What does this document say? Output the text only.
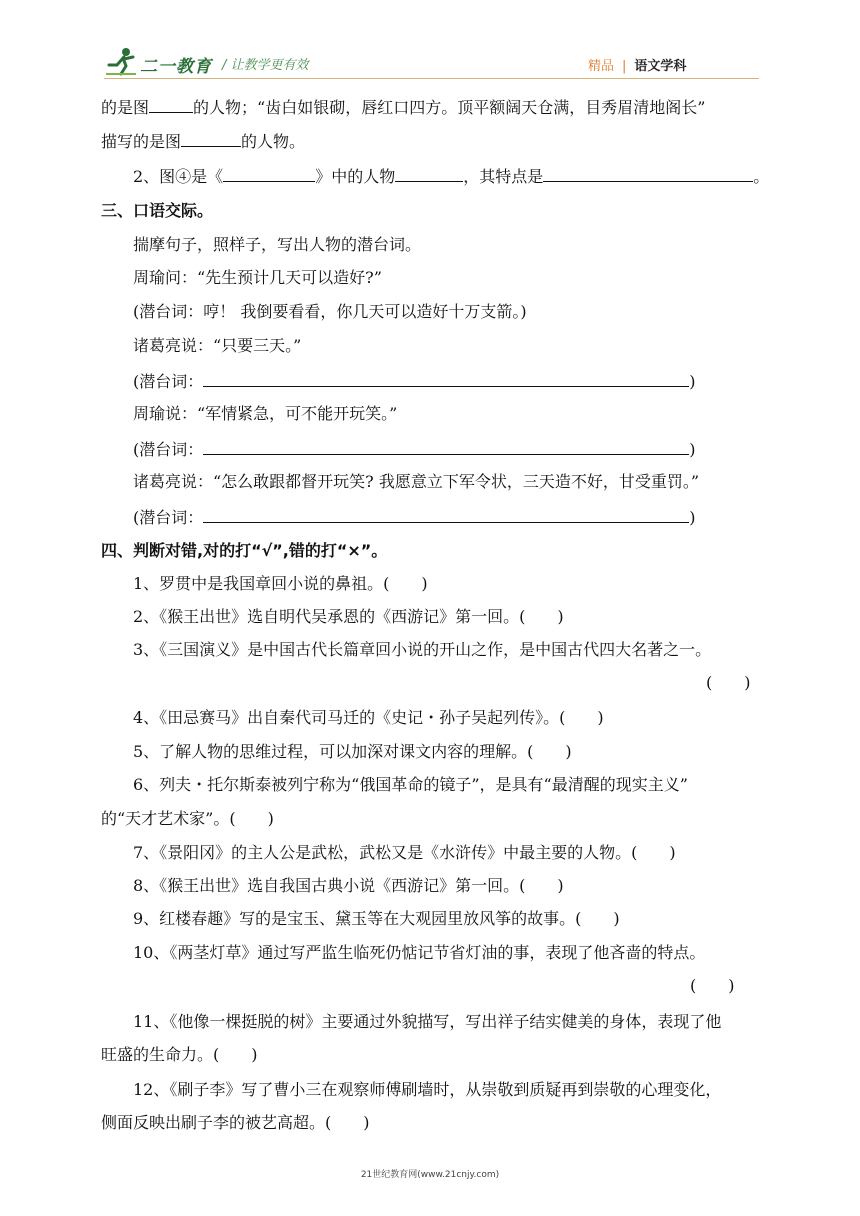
二一教育 / 让教学更有效	精品 | 语文学科
的是图	的人物；“齿白如银砌，唇红口四方。顶平额阔天仓满，目秀眉清地阁长”
描写的是图	的人物。
2、图④是《	》中的人物	，其特点是	。
三、口语交际。
揣摩句子，照样子，写出人物的潜台词。
周瑜问：“先生预计几天可以造好?”
(潜台词：哼！ 我倒要看看，你几天可以造好十万支箭。)
诸葛亮说：“只要三天。”
(潜台词：	)
周瑜说：“军情紧急，可不能开玩笑。”
(潜台词：	)
诸葛亮说：“怎么敢跟都督开玩笑? 我愿意立下军令状，三天造不好，甘受重罚。”
(潜台词：	)
四、判断对错,对的打“√”,错的打“×”。
1、罗贯中是我国章回小说的鼻祖。(　　)
2、《猴王出世》选自明代吴承恩的《西游记》第一回。(　　)
3、《三国演义》是中国古代长篇章回小说的开山之作，是中国古代四大名著之一。
(　　)
4、《田忌赛马》出自秦代司马迁的《史记・孙子吴起列传》。(　　)
5、了解人物的思维过程，可以加深对课文内容的理解。(　　)
6、列夫・托尔斯泰被列宁称为“俄国革命的镜子”，是具有“最清醒的现实主义”
的“天才艺术家”。(　　)
7、《景阳冈》的主人公是武松，武松又是《水浒传》中最主要的人物。(　　)
8、《猴王出世》选自我国古典小说《西游记》第一回。(　　)
9、红楼春趣》写的是宝玉、黛玉等在大观园里放风筝的故事。(　　)
10、《两茎灯草》通过写严监生临死仍惦记节省灯油的事，表现了他吝啬的特点。
(　　)
11、《他像一棵挺脱的树》主要通过外貌描写，写出祥子结实健美的身体，表现了他
旺盛的生命力。(　　)
12、《刷子李》写了曹小三在观察师傅刷墙时，从崇敬到质疑再到崇敬的心理变化，
侧面反映出刷子李的被艺高超。(　　)
21世纪教育网(www.21cnjy.com)
